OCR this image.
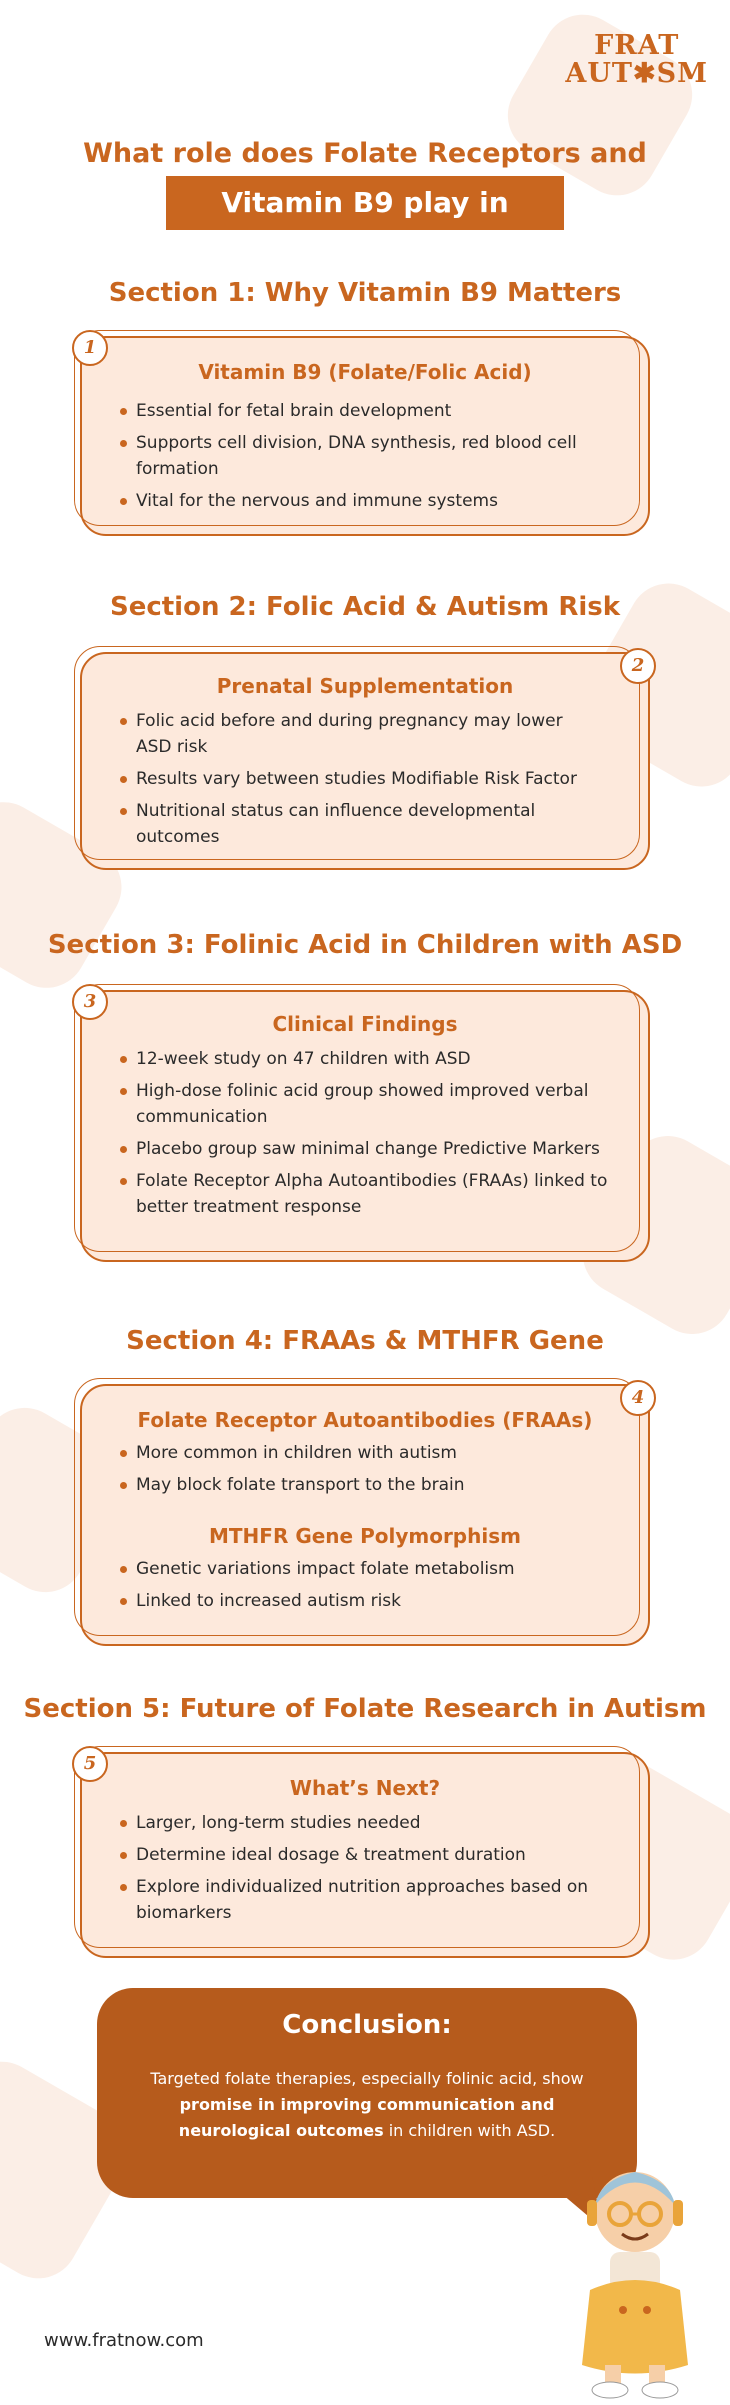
FRAT
AUT✱SM
What role does Folate Receptors and
Vitamin B9 play in Autism?
Section 1: Why Vitamin B9 Matters
1
Vitamin B9 (Folate/Folic Acid)
Essential for fetal brain development
Supports cell division, DNA synthesis, red blood cell formation
Vital for the nervous and immune systems
Section 2: Folic Acid & Autism Risk
2
Prenatal Supplementation
Folic acid before and during pregnancy may lower ASD risk
Results vary between studies Modifiable Risk Factor
Nutritional status can influence developmental outcomes
Section 3: Folinic Acid in Children with ASD
3
Clinical Findings
12-week study on 47 children with ASD
High-dose folinic acid group showed improved verbal communication
Placebo group saw minimal change Predictive Markers
Folate Receptor Alpha Autoantibodies (FRAAs) linked to better treatment response
Section 4: FRAAs & MTHFR Gene
4
Folate Receptor Autoantibodies (FRAAs)
More common in children with autism
May block folate transport to the brain
MTHFR Gene Polymorphism
Genetic variations impact folate metabolism
Linked to increased autism risk
Section 5: Future of Folate Research in Autism
5
What’s Next?
Larger, long-term studies needed
Determine ideal dosage & treatment duration
Explore individualized nutrition approaches based on biomarkers
Conclusion:
Targeted folate therapies, especially folinic acid, show promise in improving communication and neurological outcomes in children with ASD.
www.fratnow.com
